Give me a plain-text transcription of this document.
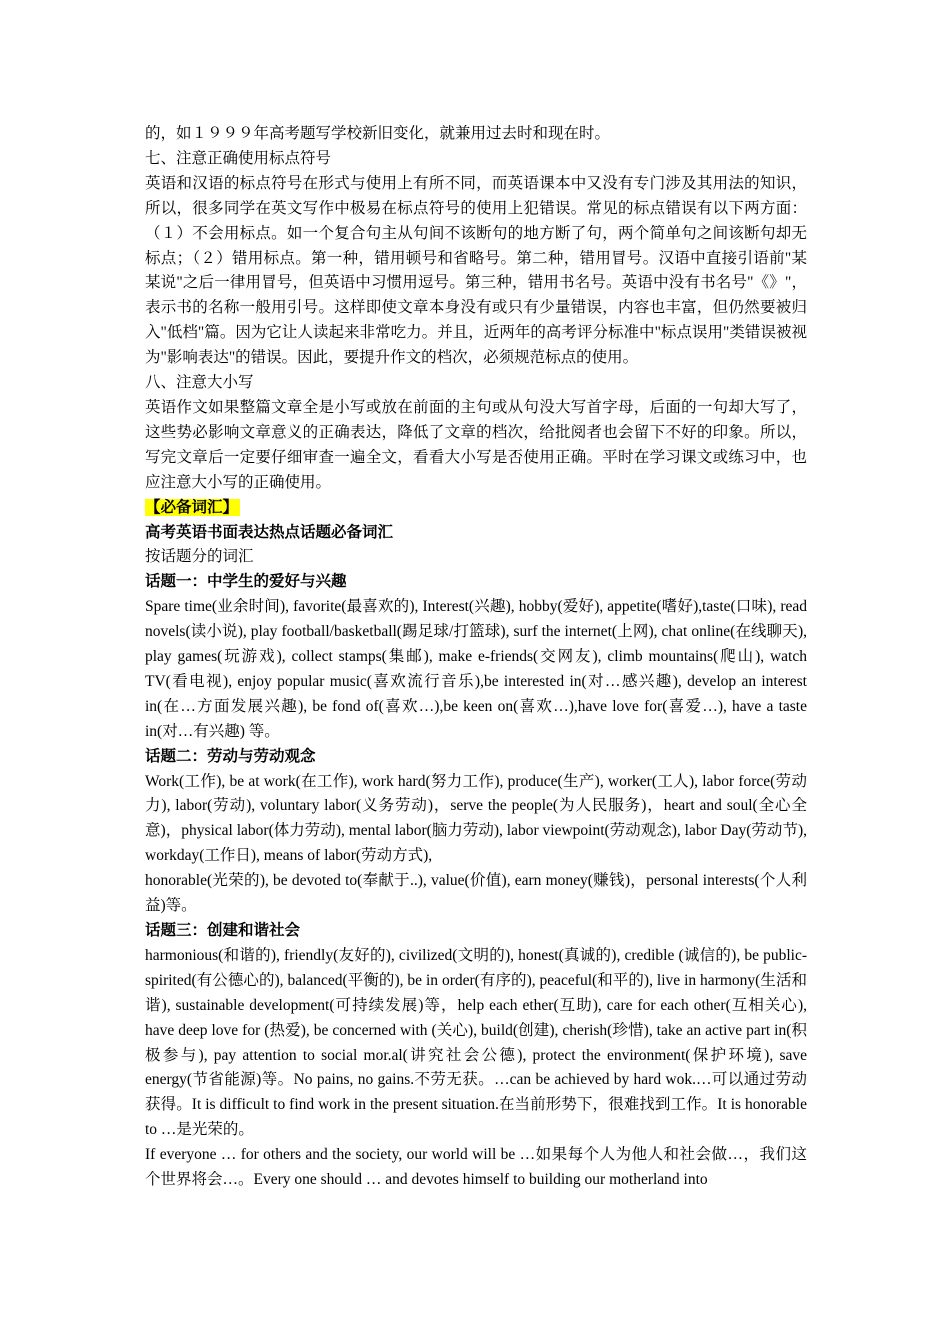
的，如１９９９年高考题写学校新旧变化，就兼用过去时和现在时。

七、注意正确使用标点符号

英语和汉语的标点符号在形式与使用上有所不同，而英语课本中又没有专门涉及其用法的知识，所以，很多同学在英文写作中极易在标点符号的使用上犯错误。常见的标点错误有以下两方面：（１）不会用标点。如一个复合句主从句间不该断句的地方断了句，两个简单句之间该断句却无标点；（２）错用标点。第一种，错用顿号和省略号。第二种，错用冒号。汉语中直接引语前"某某说"之后一律用冒号，但英语中习惯用逗号。第三种，错用书名号。英语中没有书名号"《》"，表示书的名称一般用引号。这样即使文章本身没有或只有少量错误，内容也丰富，但仍然要被归入"低档"篇。因为它让人读起来非常吃力。并且，近两年的高考评分标准中"标点误用"类错误被视为"影响表达"的错误。因此，要提升作文的档次，必须规范标点的使用。

八、注意大小写

英语作文如果整篇文章全是小写或放在前面的主句或从句没大写首字母，后面的一句却大写了，这些势必影响文章意义的正确表达，降低了文章的档次，给批阅者也会留下不好的印象。所以，写完文章后一定要仔细审查一遍全文，看看大小写是否使用正确。平时在学习课文或练习中，也应注意大小写的正确使用。

【必备词汇】

高考英语书面表达热点话题必备词汇

按话题分的词汇

话题一：中学生的爱好与兴趣

Spare time(业余时间), favorite(最喜欢的), Interest(兴趣), hobby(爱好), appetite(嗜好),taste(口味), read novels(读小说), play football/basketball(踢足球/打篮球), surf the internet(上网), chat online(在线聊天), play games(玩游戏), collect stamps(集邮), make e-friends(交网友), climb mountains(爬山), watch TV(看电视), enjoy popular music(喜欢流行音乐),be interested in(对…感兴趣), develop an interest in(在…方面发展兴趣), be fond of(喜欢…),be keen on(喜欢…),have love for(喜爱…), have a taste in(对…有兴趣) 等。

话题二：劳动与劳动观念

Work(工作), be at work(在工作), work hard(努力工作), produce(生产), worker(工人), labor force(劳动力), labor(劳动), voluntary labor(义务劳动)，serve the people(为人民服务)，heart and soul(全心全意)，physical labor(体力劳动), mental labor(脑力劳动), labor viewpoint(劳动观念), labor Day(劳动节), workday(工作日), means of labor(劳动方式),

honorable(光荣的), be devoted to(奉献于..), value(价值), earn money(赚钱)，personal interests(个人利益)等。

话题三：创建和谐社会

harmonious(和谐的), friendly(友好的), civilized(文明的), honest(真诚的), credible (诚信的), be public-spirited(有公德心的), balanced(平衡的), be in order(有序的), peaceful(和平的), live in harmony(生活和谐), sustainable development(可持续发展)等，help each ether(互助), care for each other(互相关心), have deep love for (热爱), be concerned with (关心), build(创建), cherish(珍惜), take an active part in(积极参与), pay attention to social mor.al(讲究社会公德), protect the environment(保护环境), save energy(节省能源)等。No pains, no gains.不劳无获。…can be achieved by hard wok.…可以通过劳动获得。It is difficult to find work in the present situation.在当前形势下，很难找到工作。It is honorable to …是光荣的。

If everyone … for others and the society, our world will be …如果每个人为他人和社会做…，我们这个世界将会…。Every one should … and devotes himself to building our motherland into
